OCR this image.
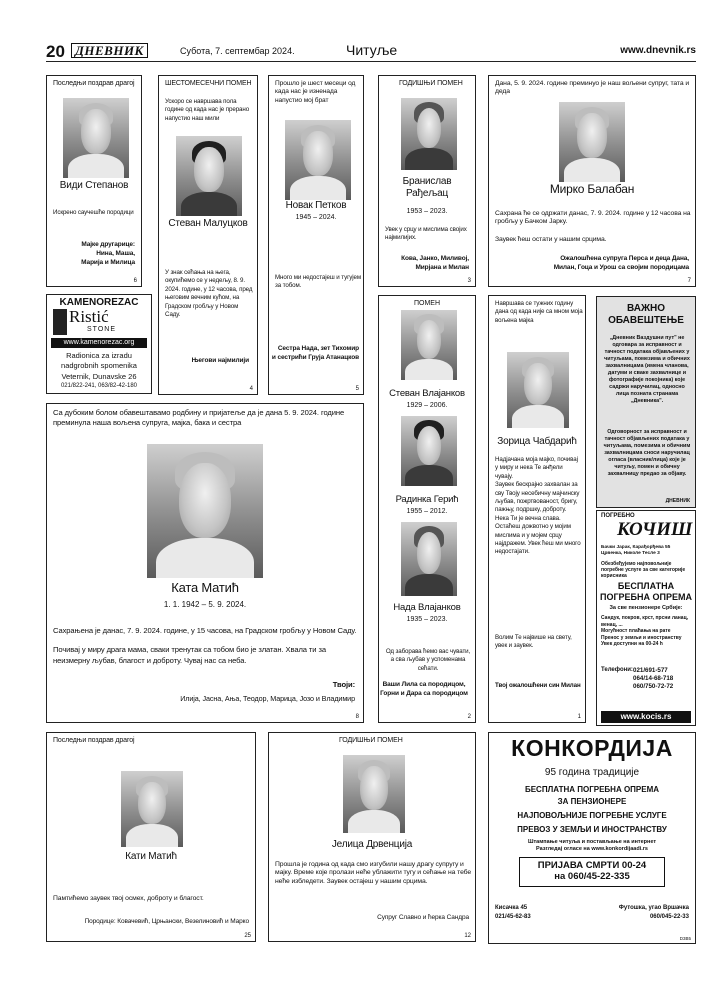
20 ДНЕВНИК	Субота, 7. септембар 2024.	Читуље	www.dnevnik.rs
Последњи поздрав драгој
Види Степанов
Искрено саучешће породици
Мајке другарице:
Нина, Маша,
Марија и Милица
6
ШЕСТОМЕСЕЧНИ ПОМЕН
Ускоро се навршава пола године од када нас је прерано напустио наш мили
Стеван Малуцков
У знак сећања на њега, окупићемо се у недељу, 8. 9. 2024. године, у 12 часова, пред његовим вечним кућом, на Градском гробљу у Новом Саду.
Његови најмилији
4
Прошло је шест месеци од када нас је изненада напустио мој брат
Новак Петков
1945 – 2024.
Много ми недостајеш и тугујем за тобом.
Сестра Нада, зет Тихомир
и сестрићи Груја Атанацков
5
ГОДИШЊИ ПОМЕН
Бранислав
Рађељац
1953 – 2023.
Увек у срцу и мислима својих најмилијих.
Кова, Јанко, Миливој,
Мирјана и Милан
3
Дана, 5. 9. 2024. године преминуо је наш вољени супруг, тата и деда
Мирко Балабан
Сахрана ће се одржати данас, 7. 9. 2024. године у 12 часова на гробљу у Бачком Јарку.
Заувек ћеш остати у нашим срцима.
Ожалошћена супруга Перса и деца Дана,
Милан, Гоца и Урош са својим породицама
7
KAMENOREZAC
Ristić
STONE
www.kamenorezac.org
Radionica za izradu
nadgrobnih spomenika
Veternik, Dunavske 26
021/822-241, 063/82-42-180
Са дубоким болом обавештавамо родбину и пријатеље да је дана 5. 9. 2024. године преминула наша вољена супруга, мајка, бака и сестра
Ката Матић
1. 1. 1942 – 5. 9. 2024.
Сахрањена је данас, 7. 9. 2024. године, у 15 часова, на Градском гробљу у Новом Саду.
Почивај у миру драга мама, сваки тренутак са тобом био је златан. Хвала ти за неизмерну љубав, благост и доброту. Чувај нас са неба.
Твоји:
Илија, Јасна, Ања, Теодор, Марица, Јозо и Владимир
8
ПОМЕН
Стеван Влајанков
1929 – 2006.
Радинка Герић
1955 – 2012.
Нада Влајанков
1935 – 2023.
Од заборава ћемо вас чувати, а сва љубав у успоменама сећати.
Ваши Лила са породицом,
Горни и Дара са породицом
2
Навршава се тужних годину дана од када није са мном моја вољена мајка
Зорица Чабдарић
Надјачана моја мајко, почивај у миру и нека Те анђели чувају.
Заувек бескрајно захвалан за сву Твоју несебичну мајчинску љубав, пожртвованост, бригу, пажњу, подршку, доброту. Нека Ти је вечна слава.
Остаћеш дожвотно у мојим мислима и у мојем срцу најдражем. Увек ћеш ми много недостајати.
Волим Те највише на свету, увек и заувек.
Твој ожалошћени син Милан
1
ВАЖНО
ОБАВЕШТЕЊЕ
„Дневник Ваздушни пут" не одговара за исправност и тачност података објављених у читуљама, помезима и обичних захвалницама (имена чланова, датуми и сваке захвалнице и фотографије покојника) које садржи наручилац, односно лица позната странама „Дневника".
Одговорност за исправност и тачност објављених података у читуљама, помезима и обичним захвалницама сноси наручилац огласа (власник/лица) које је читуљу, помен и обичну захвалницу предао за објаву.
ДНЕВНИК
ПОГРЕБНО
КОЧИШ
Бачки Јарак, Карађорђева 55
Црвенка, Николе Тесле 3
Обезбеђујемо најповољније погребне услуге за све категорије корисника
БЕСПЛАТНА
ПОГРЕБНА ОПРЕМА
За све пензионере Србије:
Сандук, покров, крст, прсни ланац, венац, ...
Могућност плаћања на рате
Пренос у земљи и иностранству
Увек доступни на 00-24 h
Телефони: 021/691-577
064/14-68-718
060/750-72-72
www.kocis.rs
Последњи поздрав драгој
Кати Матић
Памтићемо заувек твој осмех, доброту и благост.
Породице: Ковачевић, Црњански, Везелиновић и Марко
25
ГОДИШЊИ ПОМЕН
Јелица Дрвенција
Прошла је година од када смо изгубили нашу драгу супругу и мајку. Време које пролази неће ублажити тугу и сећање на тебе неће избледети. Заувек остајеш у нашим срцима.
Супруг Славно и ћерка Сандра
12
КОНКОРДИЈА
95 година традиције
БЕСПЛАТНА ПОГРЕБНА ОПРЕМА
ЗА ПЕНЗИОНЕРЕ
НАЈПОВОЉНИЈЕ ПОГРЕБНЕ УСЛУГЕ
ПРЕВОЗ У ЗЕМЉИ И ИНОСТРАНСТВУ
Штампање читуља и постављање на интернет
Разгледај огласе на www.konkordijaadi.rs
ПРИЈАВА СМРТИ 00-24
на 060/45-22-335
Кисачка 45
021/45-62-83
Футошка, угао Вршачка
060/045-22-33
D3B5
